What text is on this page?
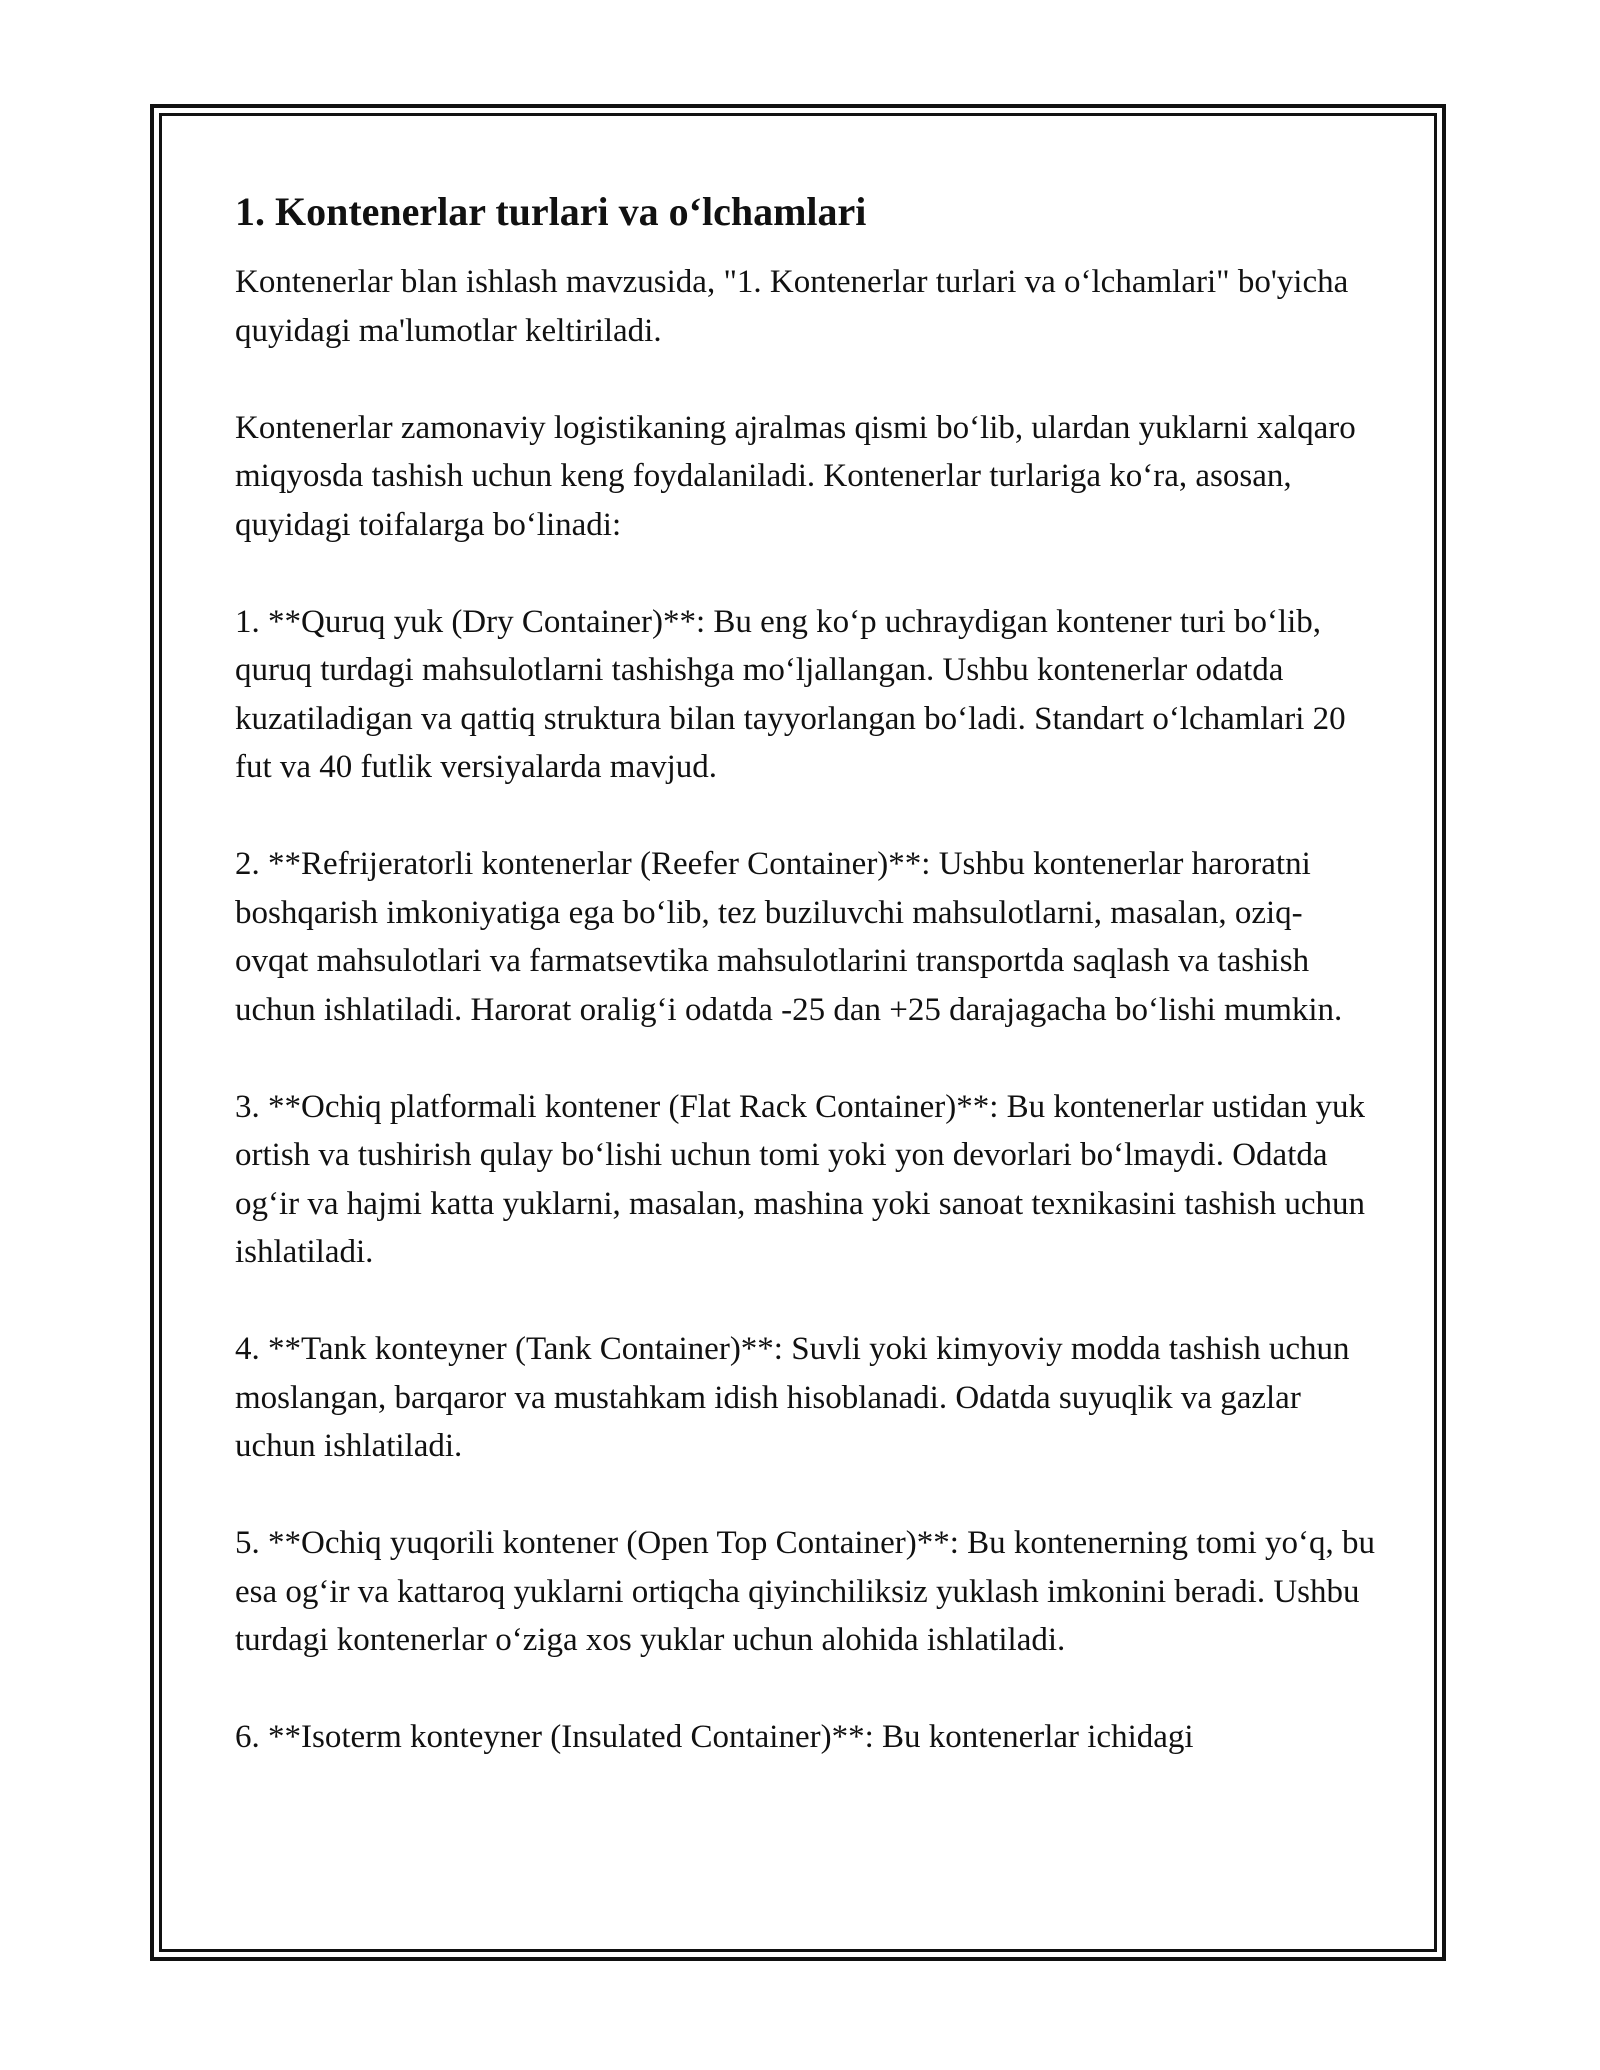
1. Kontenerlar turlari va o‘lchamlari

Kontenerlar blan ishlash mavzusida, "1. Kontenerlar turlari va o‘lchamlari" bo'yicha quyidagi ma'lumotlar keltiriladi.

Kontenerlar zamonaviy logistikaning ajralmas qismi bo‘lib, ulardan yuklarni xalqaro miqyosda tashish uchun keng foydalaniladi. Kontenerlar turlariga ko‘ra, asosan, quyidagi toifalarga bo‘linadi:

1. **Quruq yuk (Dry Container)**: Bu eng ko‘p uchraydigan kontener turi bo‘lib, quruq turdagi mahsulotlarni tashishga mo‘ljallangan. Ushbu kontenerlar odatda kuzatiladigan va qattiq struktura bilan tayyorlangan bo‘ladi. Standart o‘lchamlari 20 fut va 40 futlik versiyalarda mavjud.

2. **Refrijeratorli kontenerlar (Reefer Container)**: Ushbu kontenerlar haroratni boshqarish imkoniyatiga ega bo‘lib, tez buziluvchi mahsulotlarni, masalan, oziq-ovqat mahsulotlari va farmatsevtika mahsulotlarini transportda saqlash va tashish uchun ishlatiladi. Harorat oralig‘i odatda -25 dan +25 darajagacha bo‘lishi mumkin.

3. **Ochiq platformali kontener (Flat Rack Container)**: Bu kontenerlar ustidan yuk ortish va tushirish qulay bo‘lishi uchun tomi yoki yon devorlari bo‘lmaydi. Odatda og‘ir va hajmi katta yuklarni, masalan, mashina yoki sanoat texnikasini tashish uchun ishlatiladi.

4. **Tank konteyner (Tank Container)**: Suvli yoki kimyoviy modda tashish uchun moslangan, barqaror va mustahkam idish hisoblanadi. Odatda suyuqlik va gazlar uchun ishlatiladi.

5. **Ochiq yuqorili kontener (Open Top Container)**: Bu kontenerning tomi yo‘q, bu esa og‘ir va kattaroq yuklarni ortiqcha qiyinchiliksiz yuklash imkonini beradi. Ushbu turdagi kontenerlar o‘ziga xos yuklar uchun alohida ishlatiladi.

6. **Isoterm konteyner (Insulated Container)**: Bu kontenerlar ichidagi
